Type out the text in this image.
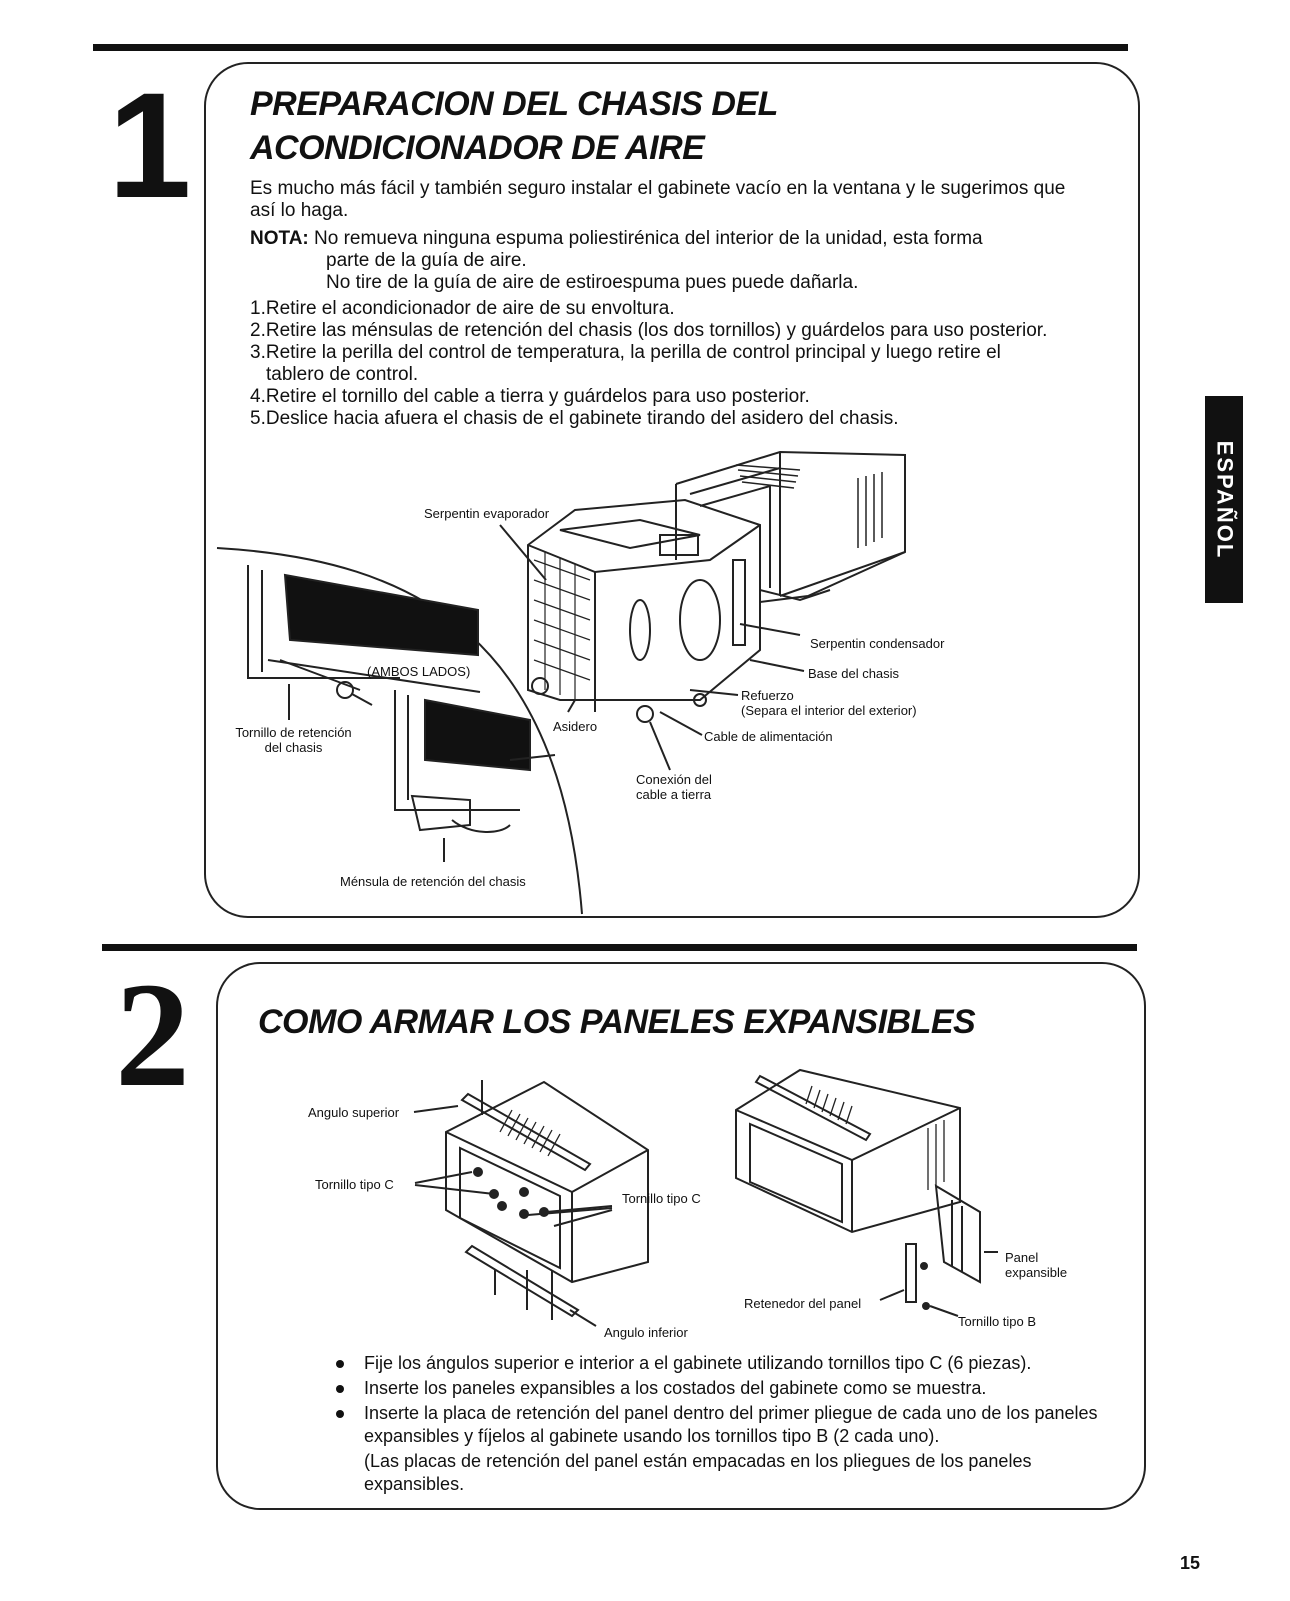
1 PREPARACION DEL CHASIS DEL
ACONDICIONADOR DE AIRE

Es mucho más fácil y también seguro instalar el gabinete vacío en la ventana y le sugerimos que así lo haga.

NOTA: No remueva ninguna espuma poliestirénica del interior de la unidad, esta forma
parte de la guía de aire.
No tire de la guía de aire de estiroespuma pues puede dañarla.
1.Retire el acondicionador de aire de su envoltura.
2.Retire las ménsulas de retención del chasis (los dos tornillos) y guárdelos para uso posterior.
3.Retire la perilla del control de temperatura, la perilla de control principal y luego retire el
tablero de control.
4.Retire el tornillo del cable a tierra y guárdelos para uso posterior.
5.Deslice hacia afuera el chasis de el gabinete tirando del asidero del chasis.
Serpentin evaporador
(AMBOS LADOS)
Tornillo de retención
del chasis
Asidero
Serpentin condensador
Base del chasis
Refuerzo
(Separa el interior del exterior)
Cable de alimentación
Conexión del
cable a tierra
Ménsula de retención del chasis
ESPAÑOL
2 COMO ARMAR LOS PANELES EXPANSIBLES
Angulo superior
Tornillo tipo C
Tornillo tipo C
Angulo inferior
Retenedor del panel
Tornillo tipo B
Panel
expansible
Fije los ángulos superior e interior a el gabinete utilizando tornillos tipo C (6 piezas).
Inserte los paneles expansibles a los costados del gabinete como se muestra.
Inserte la placa de retención del panel dentro del primer pliegue de cada uno de los paneles expansibles y fíjelos al gabinete usando los tornillos tipo B (2 cada uno).
(Las placas de retención del panel están empacadas en los pliegues de los paneles expansibles.
15
